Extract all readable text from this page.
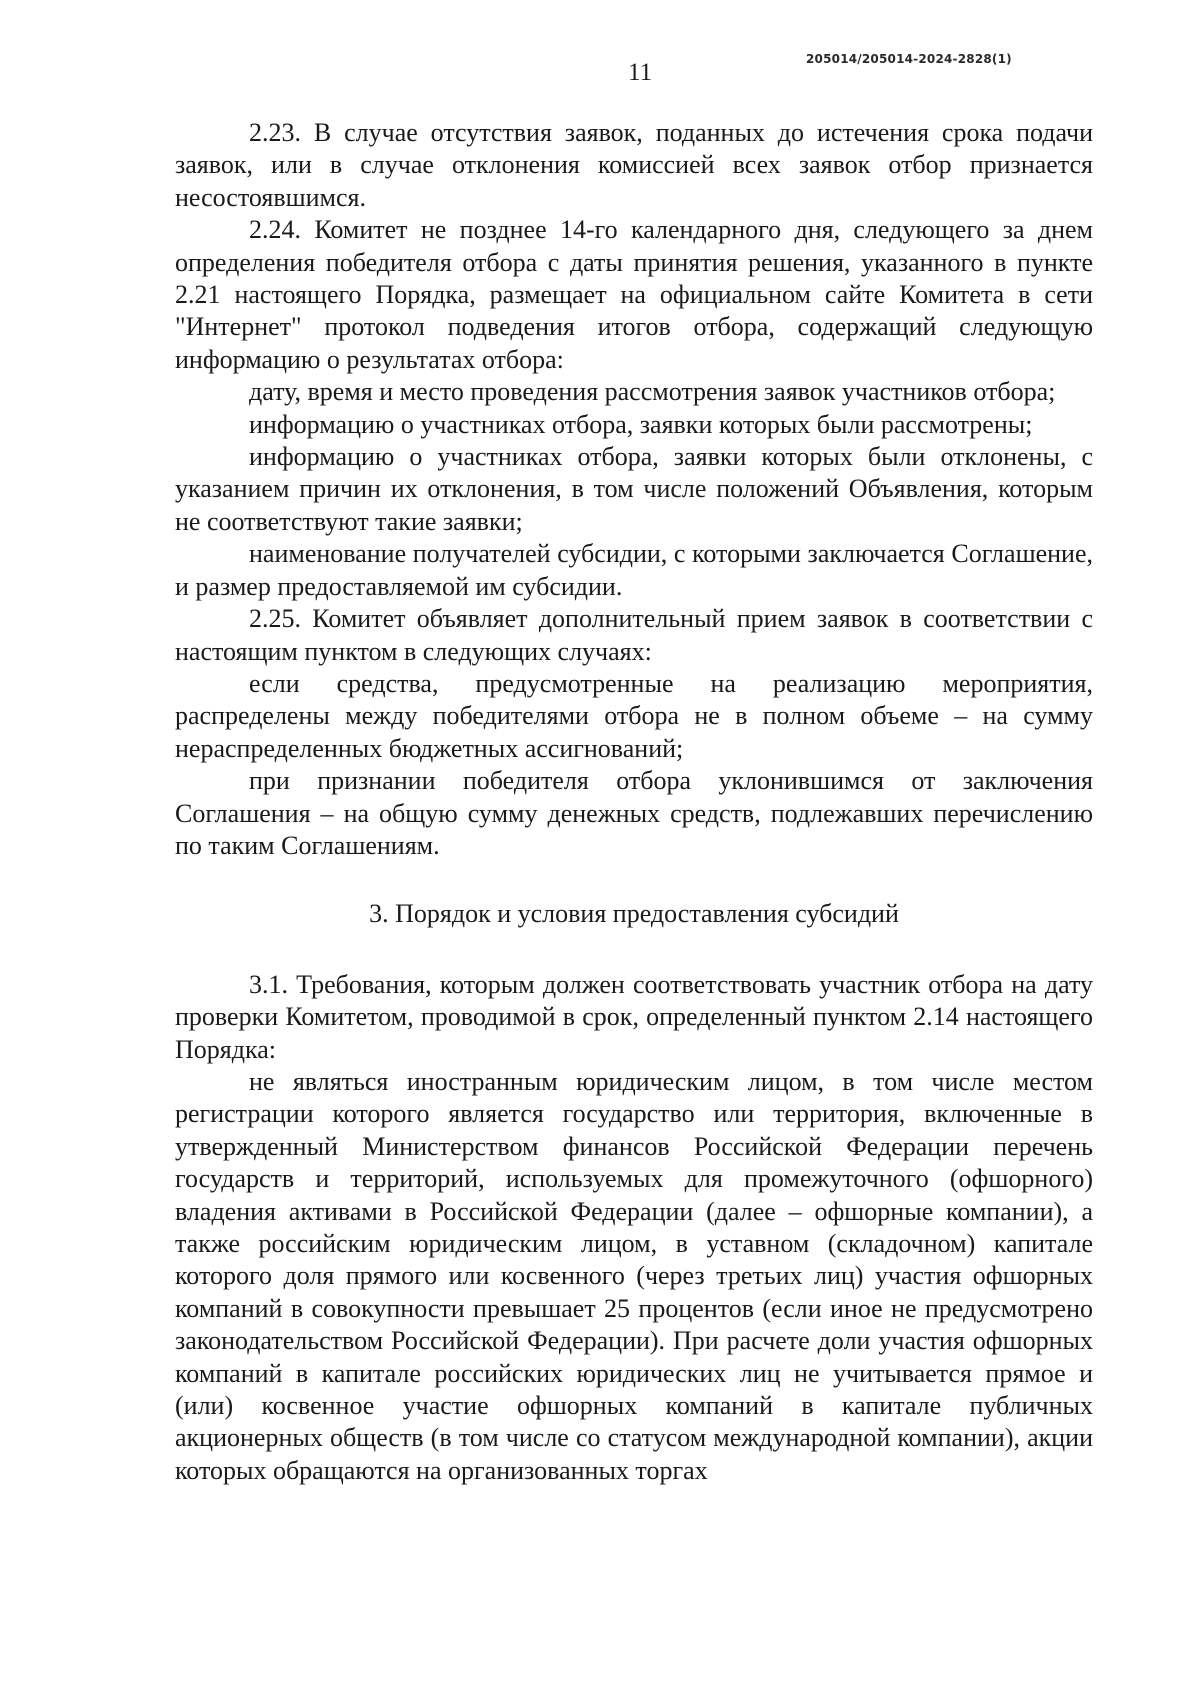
11	205014/205014-2024-2828(1)

2.23. В случае отсутствия заявок, поданных до истечения срока подачи заявок, или в случае отклонения комиссией всех заявок отбор признается несостоявшимся.

2.24. Комитет не позднее 14-го календарного дня, следующего за днем определения победителя отбора с даты принятия решения, указанного в пункте 2.21 настоящего Порядка, размещает на официальном сайте Комитета в сети "Интернет" протокол подведения итогов отбора, содержащий следующую информацию о результатах отбора:

дату, время и место проведения рассмотрения заявок участников отбора;

информацию о участниках отбора, заявки которых были рассмотрены;

информацию о участниках отбора, заявки которых были отклонены, с указанием причин их отклонения, в том числе положений Объявления, которым не соответствуют такие заявки;

наименование получателей субсидии, с которыми заключается Соглашение, и размер предоставляемой им субсидии.

2.25. Комитет объявляет дополнительный прием заявок в соответствии с настоящим пунктом в следующих случаях:

если средства, предусмотренные на реализацию мероприятия, распределены между победителями отбора не в полном объеме – на сумму нераспределенных бюджетных ассигнований;

при признании победителя отбора уклонившимся от заключения Соглашения – на общую сумму денежных средств, подлежавших перечислению по таким Соглашениям.

3. Порядок и условия предоставления субсидий

3.1. Требования, которым должен соответствовать участник отбора на дату проверки Комитетом, проводимой в срок, определенный пунктом 2.14 настоящего Порядка:

не являться иностранным юридическим лицом, в том числе местом регистрации которого является государство или территория, включенные в утвержденный Министерством финансов Российской Федерации перечень государств и территорий, используемых для промежуточного (офшорного) владения активами в Российской Федерации (далее – офшорные компании), а также российским юридическим лицом, в уставном (складочном) капитале которого доля прямого или косвенного (через третьих лиц) участия офшорных компаний в совокупности превышает 25 процентов (если иное не предусмотрено законодательством Российской Федерации). При расчете доли участия офшорных компаний в капитале российских юридических лиц не учитывается прямое и (или) косвенное участие офшорных компаний в капитале публичных акционерных обществ (в том числе со статусом международной компании), акции которых обращаются на организованных торгах
